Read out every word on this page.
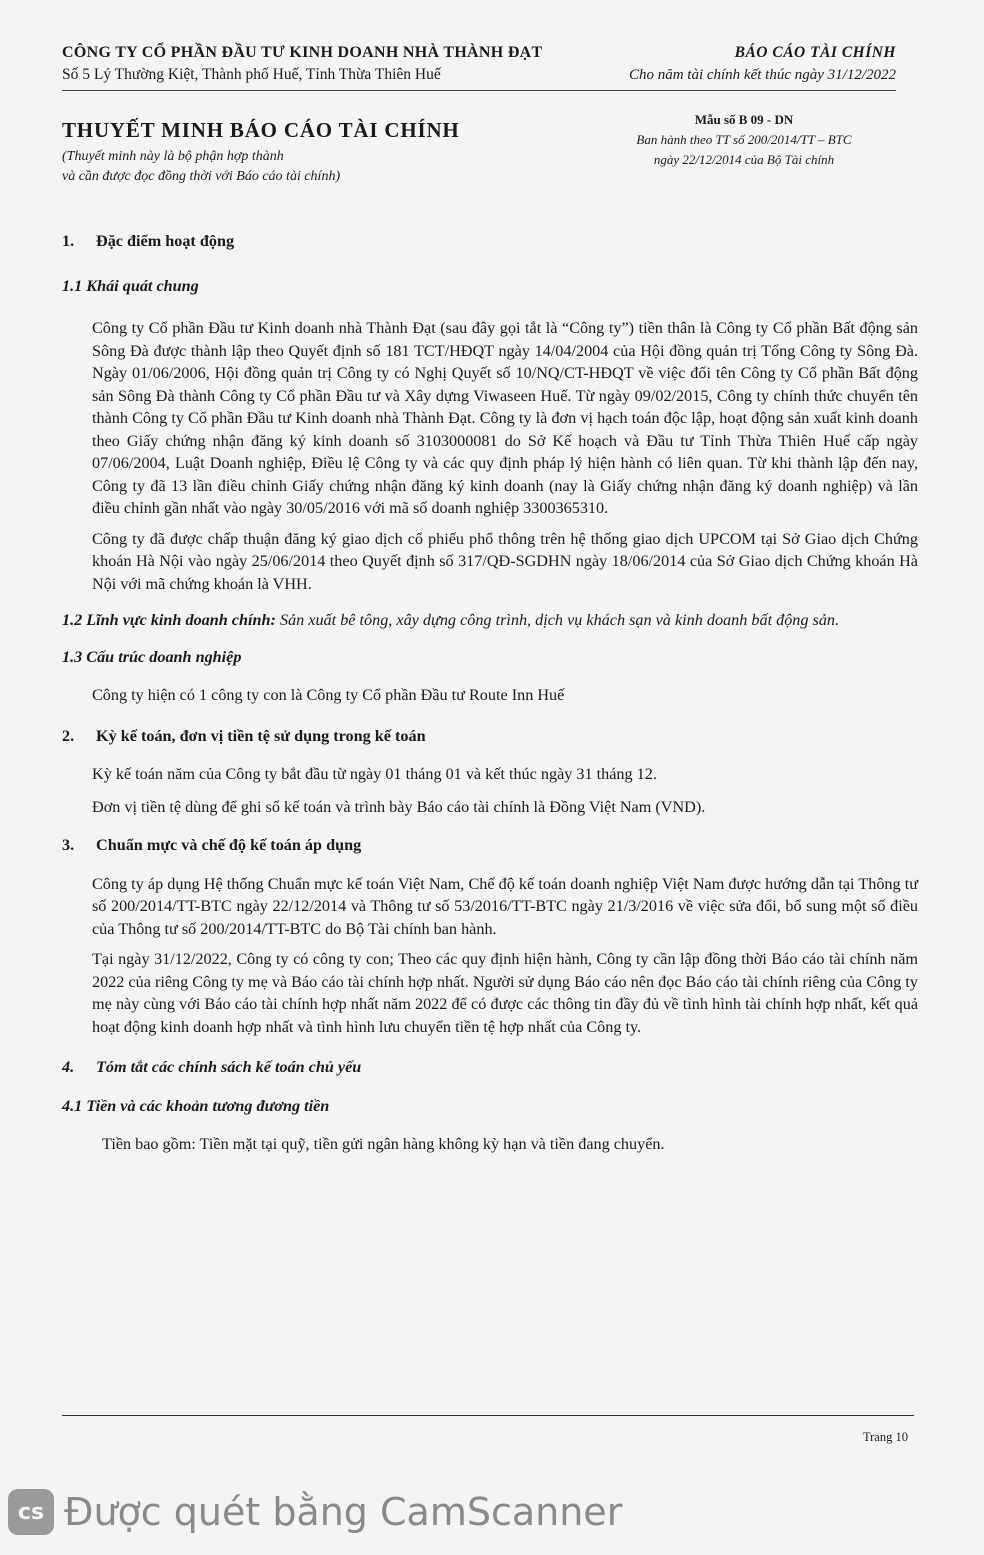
CÔNG TY CỔ PHẦN ĐẦU TƯ KINH DOANH NHÀ THÀNH ĐẠT
Số 5 Lý Thường Kiệt, Thành phố Huế, Tỉnh Thừa Thiên Huế
BÁO CÁO TÀI CHÍNH
Cho năm tài chính kết thúc ngày 31/12/2022
THUYẾT MINH BÁO CÁO TÀI CHÍNH
(Thuyết minh này là bộ phận hợp thành
và cần được đọc đồng thời với Báo cáo tài chính)
Mẫu số B 09 - DN
Ban hành theo TT số 200/2014/TT – BTC
ngày 22/12/2014 của Bộ Tài chính
1. Đặc điểm hoạt động
1.1 Khái quát chung

Công ty Cổ phần Đầu tư Kinh doanh nhà Thành Đạt (sau đây gọi tắt là “Công ty”) tiền thân là Công ty Cổ phần Bất động sản Sông Đà được thành lập theo Quyết định số 181 TCT/HĐQT ngày 14/04/2004 của Hội đồng quản trị Tổng Công ty Sông Đà. Ngày 01/06/2006, Hội đồng quản trị Công ty có Nghị Quyết số 10/NQ/CT-HĐQT về việc đổi tên Công ty Cổ phần Bất động sản Sông Đà thành Công ty Cổ phần Đầu tư và Xây dựng Viwaseen Huế. Từ ngày 09/02/2015, Công ty chính thức chuyển tên thành Công ty Cổ phần Đầu tư Kinh doanh nhà Thành Đạt. Công ty là đơn vị hạch toán độc lập, hoạt động sản xuất kinh doanh theo Giấy chứng nhận đăng ký kinh doanh số 3103000081 do Sở Kế hoạch và Đầu tư Tỉnh Thừa Thiên Huế cấp ngày 07/06/2004, Luật Doanh nghiệp, Điều lệ Công ty và các quy định pháp lý hiện hành có liên quan. Từ khi thành lập đến nay, Công ty đã 13 lần điều chỉnh Giấy chứng nhận đăng ký kinh doanh (nay là Giấy chứng nhận đăng ký doanh nghiệp) và lần điều chỉnh gần nhất vào ngày 30/05/2016 với mã số doanh nghiệp 3300365310.

Công ty đã được chấp thuận đăng ký giao dịch cổ phiếu phổ thông trên hệ thống giao dịch UPCOM tại Sở Giao dịch Chứng khoán Hà Nội vào ngày 25/06/2014 theo Quyết định số 317/QĐ-SGDHN ngày 18/06/2014 của Sở Giao dịch Chứng khoán Hà Nội với mã chứng khoán là VHH.

1.2 Lĩnh vực kinh doanh chính: Sản xuất bê tông, xây dựng công trình, dịch vụ khách sạn và kinh doanh bất động sản.

1.3 Cấu trúc doanh nghiệp

Công ty hiện có 1 công ty con là Công ty Cổ phần Đầu tư Route Inn Huế

2. Kỳ kế toán, đơn vị tiền tệ sử dụng trong kế toán

Kỳ kế toán năm của Công ty bắt đầu từ ngày 01 tháng 01 và kết thúc ngày 31 tháng 12.

Đơn vị tiền tệ dùng để ghi sổ kế toán và trình bày Báo cáo tài chính là Đồng Việt Nam (VND).

3. Chuẩn mực và chế độ kế toán áp dụng

Công ty áp dụng Hệ thống Chuẩn mực kế toán Việt Nam, Chế độ kế toán doanh nghiệp Việt Nam được hướng dẫn tại Thông tư số 200/2014/TT-BTC ngày 22/12/2014 và Thông tư số 53/2016/TT-BTC ngày 21/3/2016 về việc sửa đổi, bổ sung một số điều của Thông tư số 200/2014/TT-BTC do Bộ Tài chính ban hành.

Tại ngày 31/12/2022, Công ty có công ty con; Theo các quy định hiện hành, Công ty cần lập đồng thời Báo cáo tài chính năm 2022 của riêng Công ty mẹ và Báo cáo tài chính hợp nhất. Người sử dụng Báo cáo nên đọc Báo cáo tài chính riêng của Công ty mẹ này cùng với Báo cáo tài chính hợp nhất năm 2022 để có được các thông tin đầy đủ về tình hình tài chính hợp nhất, kết quả hoạt động kinh doanh hợp nhất và tình hình lưu chuyển tiền tệ hợp nhất của Công ty.

4. Tóm tắt các chính sách kế toán chủ yếu
4.1 Tiền và các khoản tương đương tiền

Tiền bao gồm: Tiền mặt tại quỹ, tiền gửi ngân hàng không kỳ hạn và tiền đang chuyển.

Trang 10
cs Được quét bằng CamScanner
